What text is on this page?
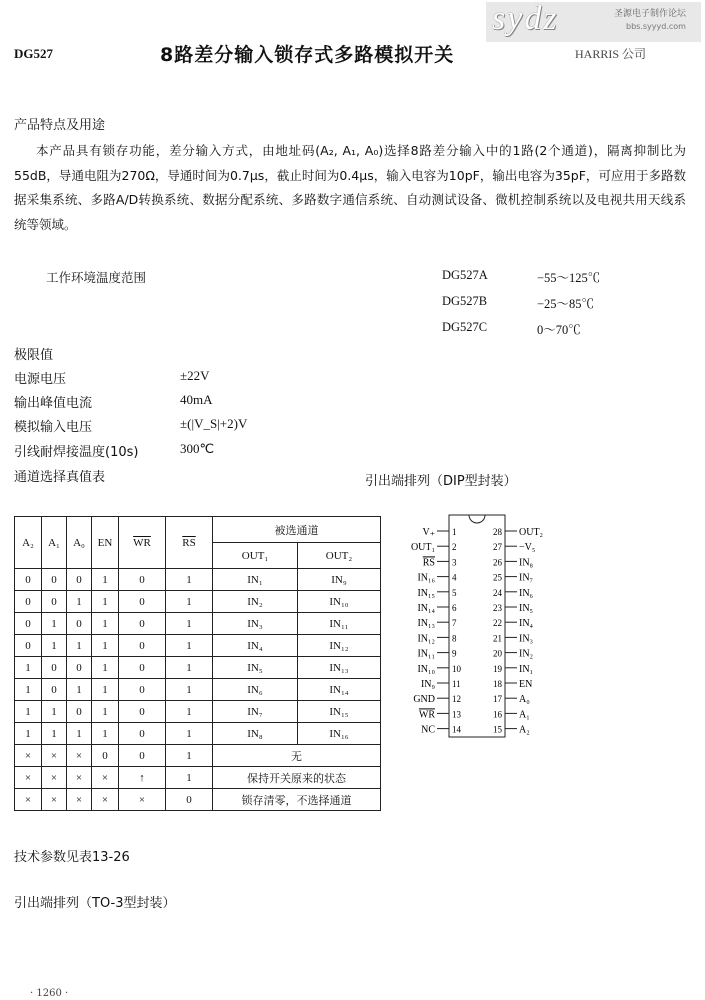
DG527	8路差分输入锁存式多路模拟开关
sydz	圣源电子制作论坛
bbs.syyyd.com
HARRIS 公司
产品特点及用途
本产品具有锁存功能，差分输入方式，由地址码(A₂, A₁, A₀)选择8路差分输入中的1路(2个通道)，隔离抑制比为55dB，导通电阻为270Ω，导通时间为0.7μs，截止时间为0.4μs，输入电容为10pF，输出电容为35pF，可应用于多路数据采集系统、多路A/D转换系统、数据分配系统、多路数字通信系统、自动测试设备、微机控制系统以及电视共用天线系统等领域。
工作环境温度范围	DG527A	−55～125℃
DG527B	−25～85℃
DG527C	0～70℃
极限值
电源电压	±22V
输出峰值电流	40mA
模拟输入电压	±(|V_S|+2)V
引线耐焊接温度(10s)	300℃
通道选择真值表	引出端排列（DIP型封装）
A₂	A₁	A₀	EN	$\overline{WR}$	$\overline{RS}$	被选通道	
						OUT₁	OUT₂
0	0	0	1	0	1	IN₁	IN₉
0	0	1	1	0	1	IN₂	IN₁₀
0	1	0	1	0	1	IN₃	IN₁₁
0	1	1	1	0	1	IN₄	IN₁₂
1	0	0	1	0	1	IN₅	IN₁₃
1	0	1	1	0	1	IN₆	IN₁₄
1	1	0	1	0	1	IN₇	IN₁₅
1	1	1	1	0	1	IN₈	IN₁₆
×	×	×	0	0	1	无	
×	×	×	×	↑	1	保持开关原来的状态	
×	×	×	×	×	0	锁存清零，不选择通道	
V₊ 1
OUT₁ 2
RS 3
IN₁₆ 4
IN₁₅ 5
IN₁₄ 6
IN₁₃ 7
IN₁₂ 8
IN₁₁ 9
IN₁₀ 10
IN₉ 11
GND 12
WR 13
NC 14
OUT₂
28
−V₅
27
IN₈
26
IN₇
25
IN₆
24
IN₅
23
IN₄
22
IN₃
21
IN₂
20
IN₁
19
EN
18
A₀
17
A₁
16
A₂
15
技术参数见表13-26
引出端排列（TO-3型封装）
· 1260 ·
